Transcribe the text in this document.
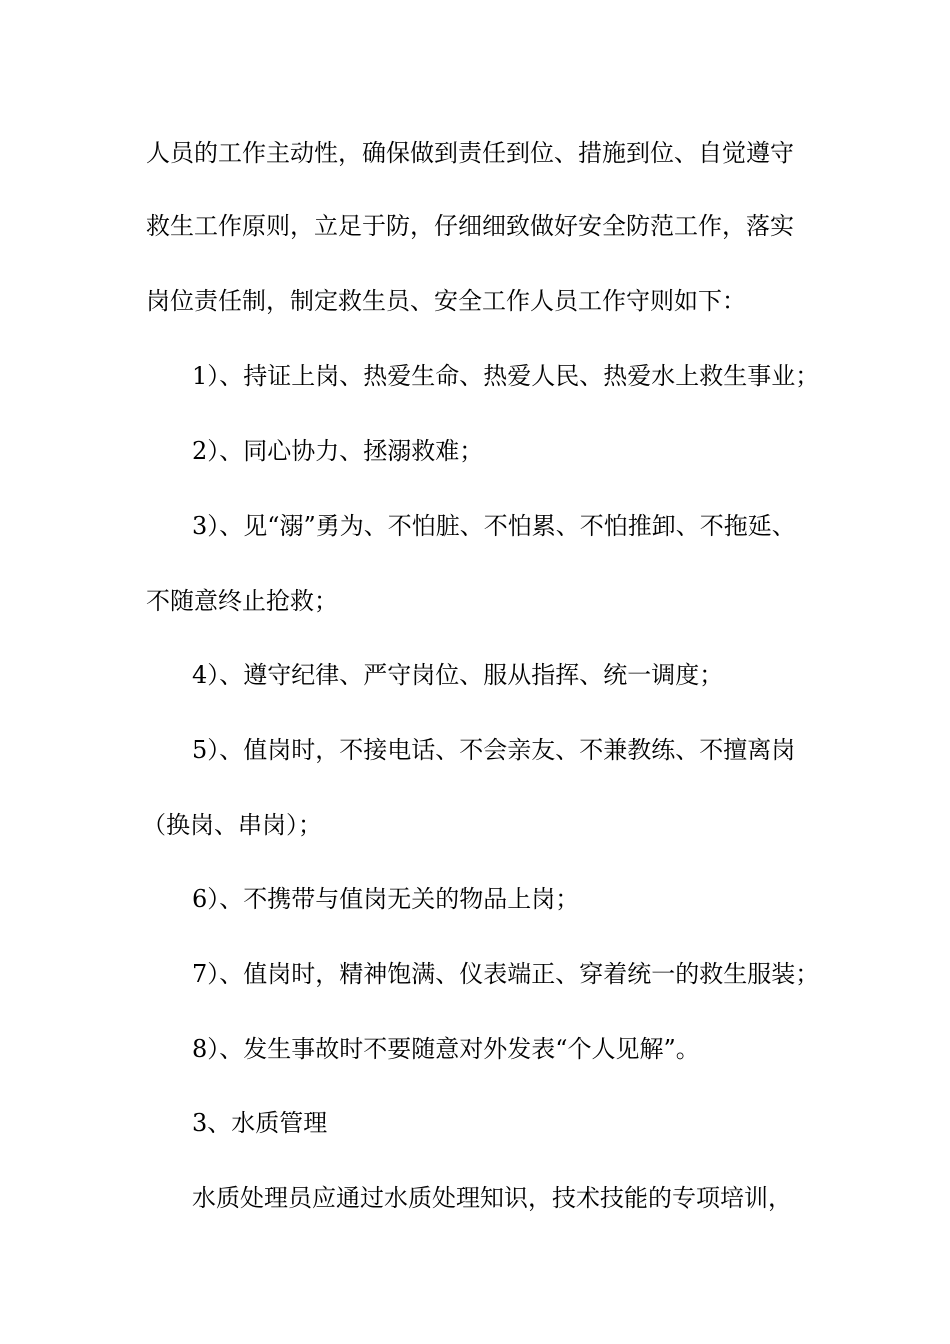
人员的工作主动性，确保做到责任到位、措施到位、自觉遵守
救生工作原则，立足于防，仔细细致做好安全防范工作，落实
岗位责任制，制定救生员、安全工作人员工作守则如下：
1）、持证上岗、热爱生命、热爱人民、热爱水上救生事业；
2）、同心协力、拯溺救难；
3）、见“溺”勇为、不怕脏、不怕累、不怕推卸、不拖延、
不随意终止抢救；
4）、遵守纪律、严守岗位、服从指挥、统一调度；
5）、值岗时，不接电话、不会亲友、不兼教练、不擅离岗
（换岗、串岗）；
6）、不携带与值岗无关的物品上岗；
7）、值岗时，精神饱满、仪表端正、穿着统一的救生服装；
8）、发生事故时不要随意对外发表“个人见解”。
3、水质管理
水质处理员应通过水质处理知识，技术技能的专项培训，
